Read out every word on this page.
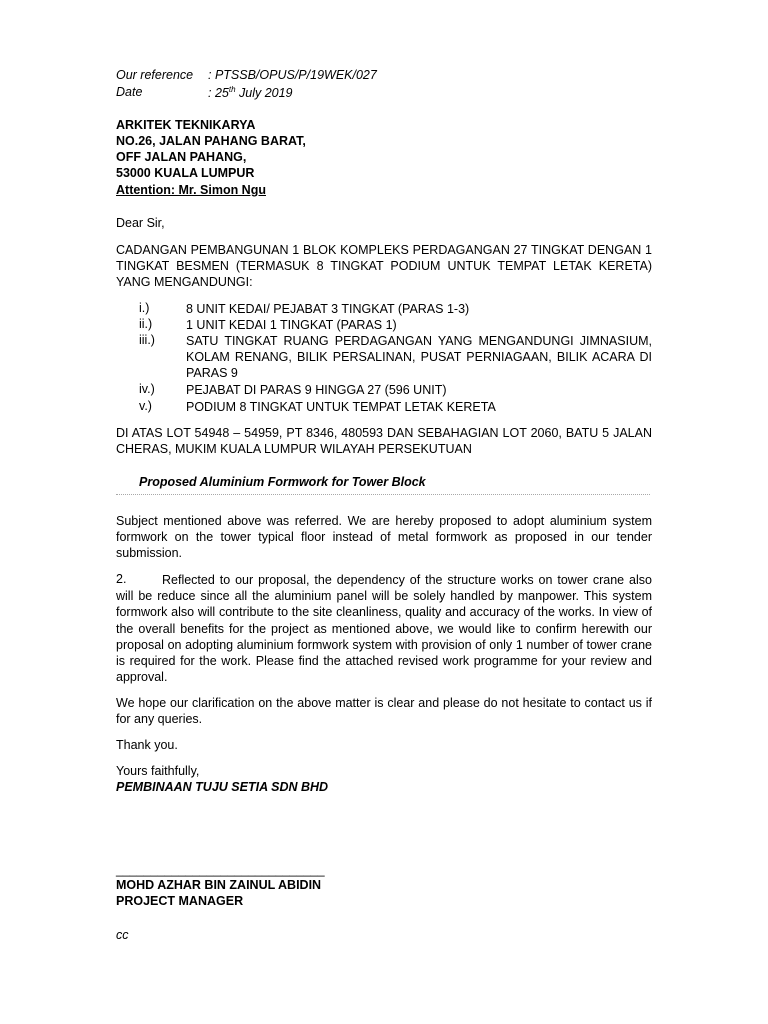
Our reference : PTSSB/OPUS/P/19WEK/027
Date	: 25th July 2019
ARKITEK TEKNIKARYA
NO.26, JALAN PAHANG BARAT,
OFF JALAN PAHANG,
53000 KUALA LUMPUR
Attention: Mr. Simon Ngu
Dear Sir,
CADANGAN PEMBANGUNAN 1 BLOK KOMPLEKS PERDAGANGAN 27 TINGKAT DENGAN 1 TINGKAT BESMEN (TERMASUK 8 TINGKAT PODIUM UNTUK TEMPAT LETAK KERETA) YANG MENGANDUNGI:
i.)	8 UNIT KEDAI/ PEJABAT 3 TINGKAT (PARAS 1-3)
ii.)	1 UNIT KEDAI 1 TINGKAT (PARAS 1)
iii.) SATU TINGKAT RUANG PERDAGANGAN YANG MENGANDUNGI JIMNASIUM, KOLAM RENANG, BILIK PERSALINAN, PUSAT PERNIAGAAN, BILIK ACARA DI PARAS 9
iv.)	PEJABAT DI PARAS 9 HINGGA 27 (596 UNIT)
v.)	PODIUM 8 TINGKAT UNTUK TEMPAT LETAK KERETA
DI ATAS LOT 54948 – 54959, PT 8346, 480593 DAN SEBAHAGIAN LOT 2060, BATU 5 JALAN CHERAS, MUKIM KUALA LUMPUR WILAYAH PERSEKUTUAN
Proposed Aluminium Formwork for Tower Block
Subject mentioned above was referred. We are hereby proposed to adopt aluminium system formwork on the tower typical floor instead of metal formwork as proposed in our tender submission.
2.	Reflected to our proposal, the dependency of the structure works on tower crane also will be reduce since all the aluminium panel will be solely handled by manpower. This system formwork also will contribute to the site cleanliness, quality and accuracy of the works. In view of the overall benefits for the project as mentioned above, we would like to confirm herewith our proposal on adopting aluminium formwork system with provision of only 1 number of tower crane is required for the work. Please find the attached revised work programme for your review and approval.
We hope our clarification on the above matter is clear and please do not hesitate to contact us if for any queries.
Thank you.
Yours faithfully,
PEMBINAAN TUJU SETIA SDN BHD
______________________________
MOHD AZHAR BIN ZAINUL ABIDIN
PROJECT MANAGER
cc
